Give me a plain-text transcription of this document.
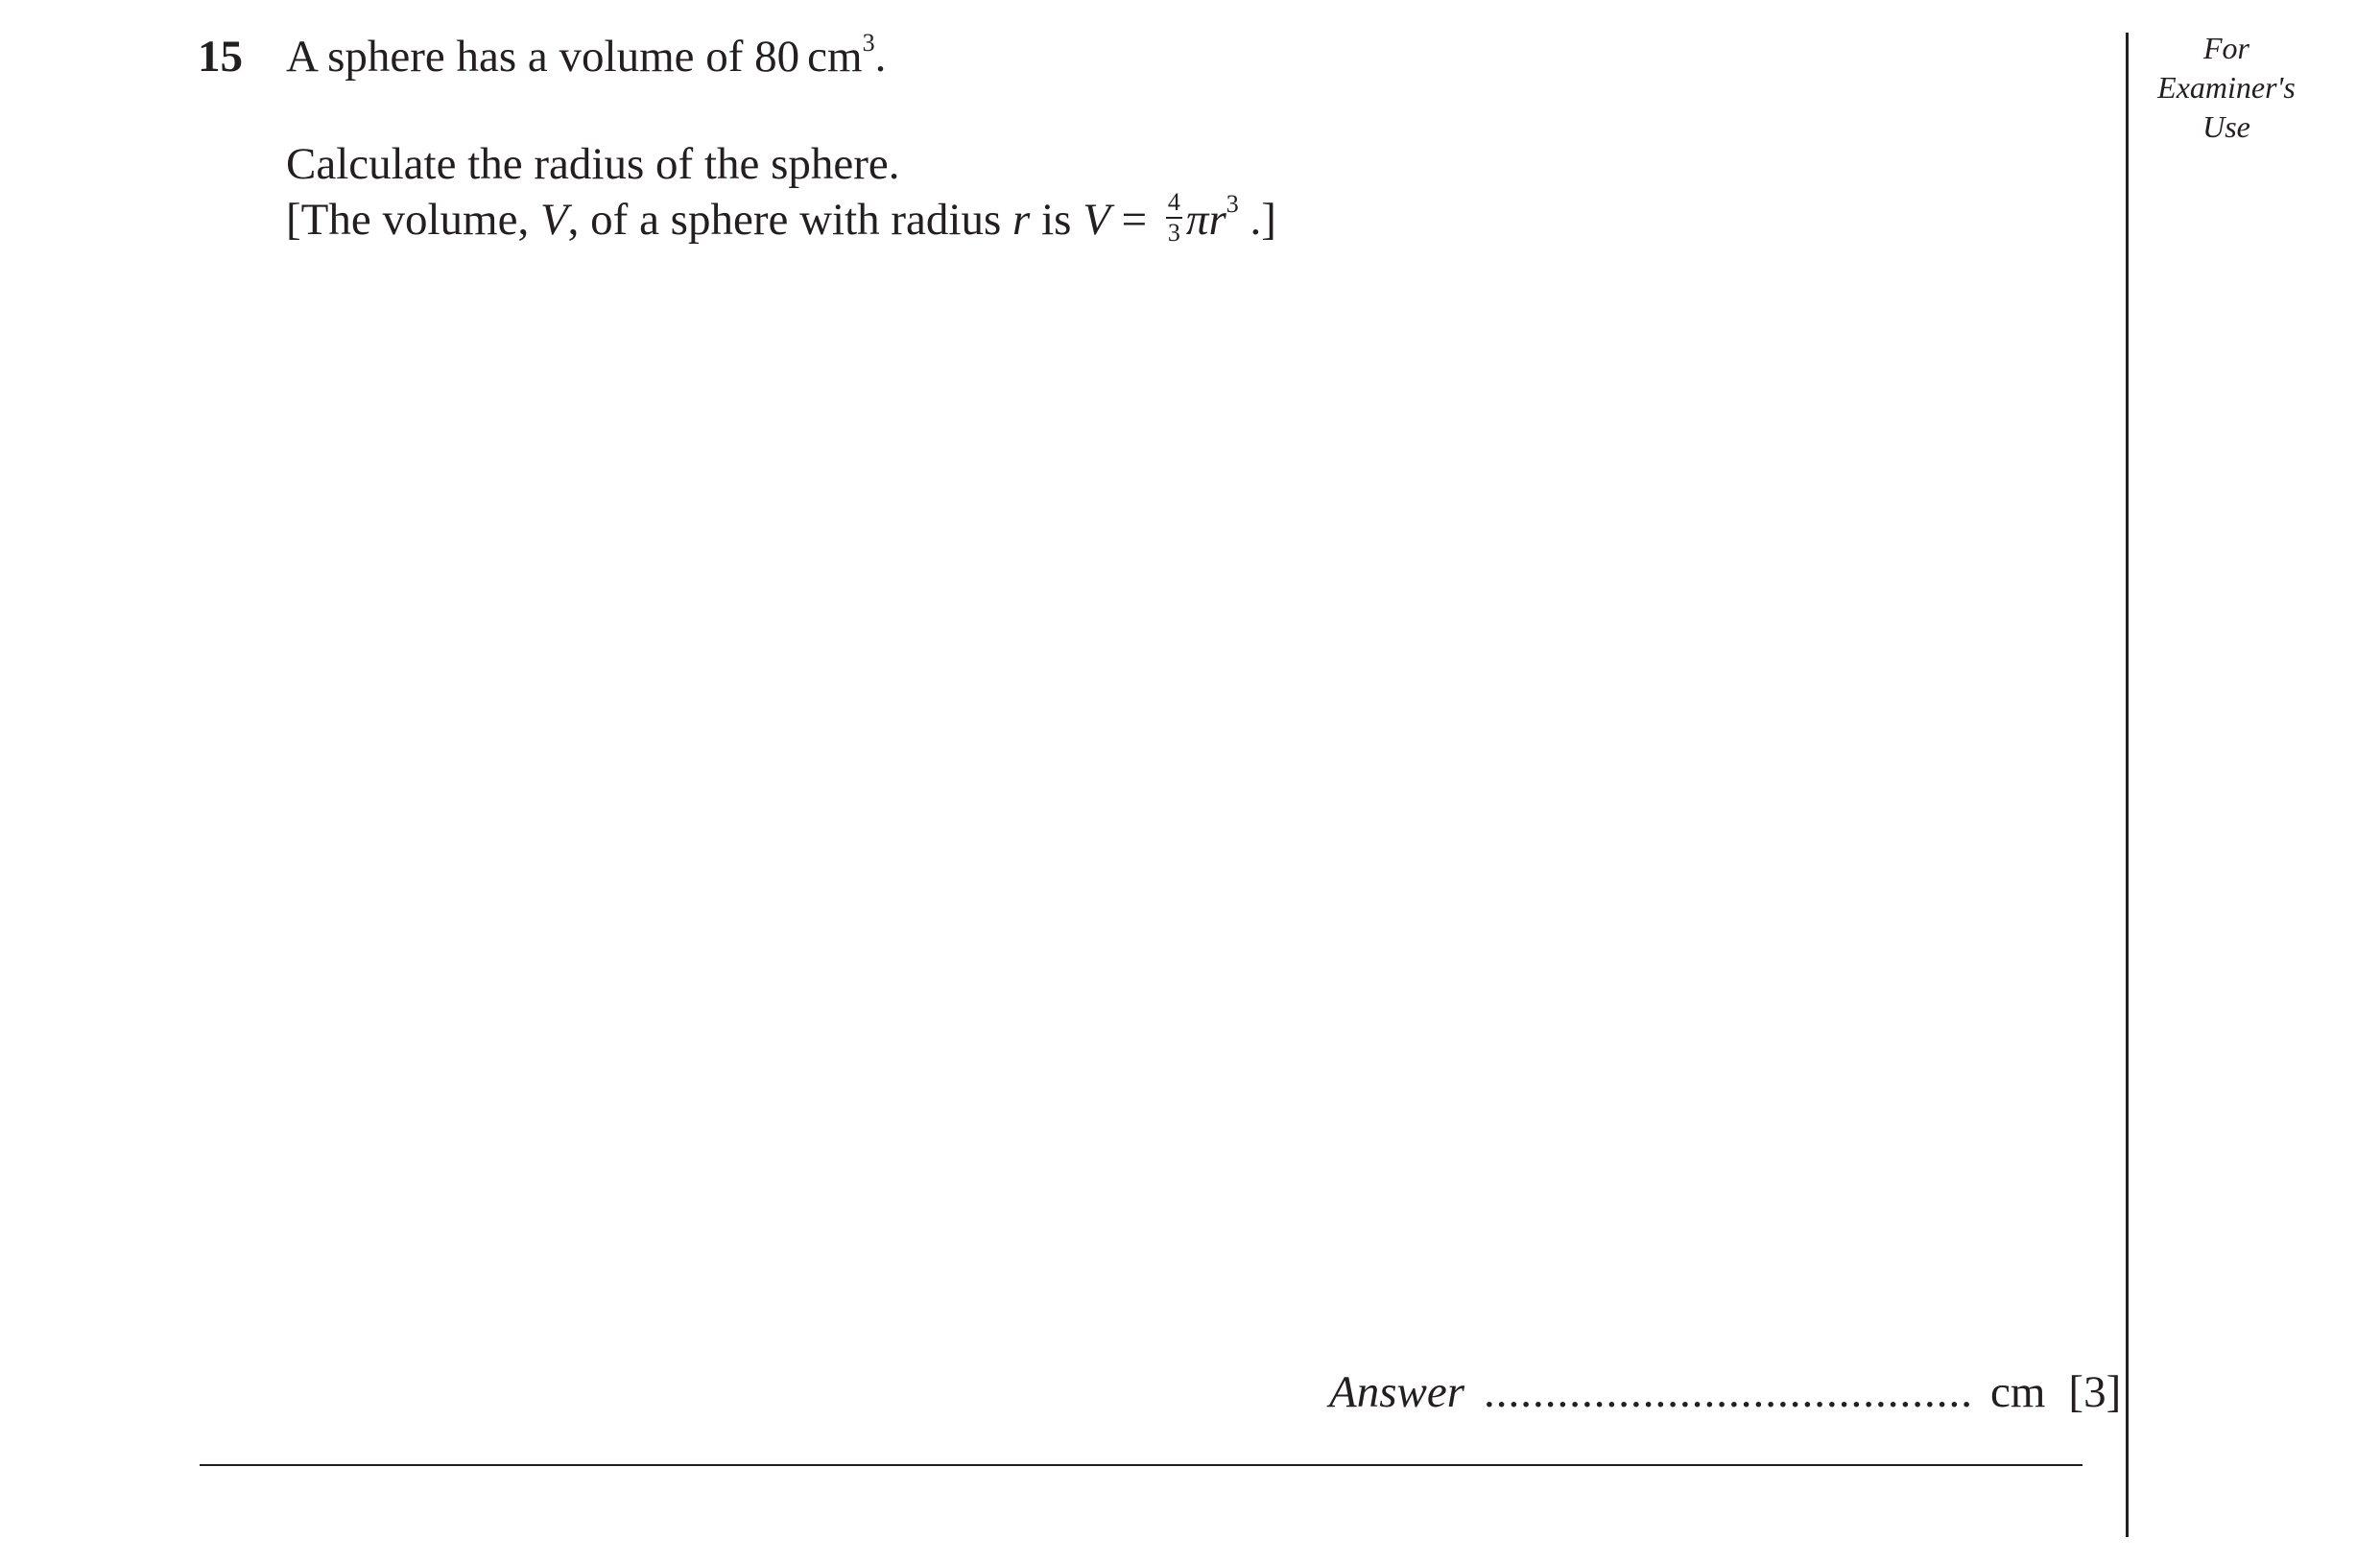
15 A sphere has a volume of 80 $cm^3$.
Calculate the radius of the sphere.
[The volume, V, of a sphere with radius r is $V = \frac{4}{3} \pi r^3$ .]
For
Examiner's
Use
Answer ........................................ cm [3]
